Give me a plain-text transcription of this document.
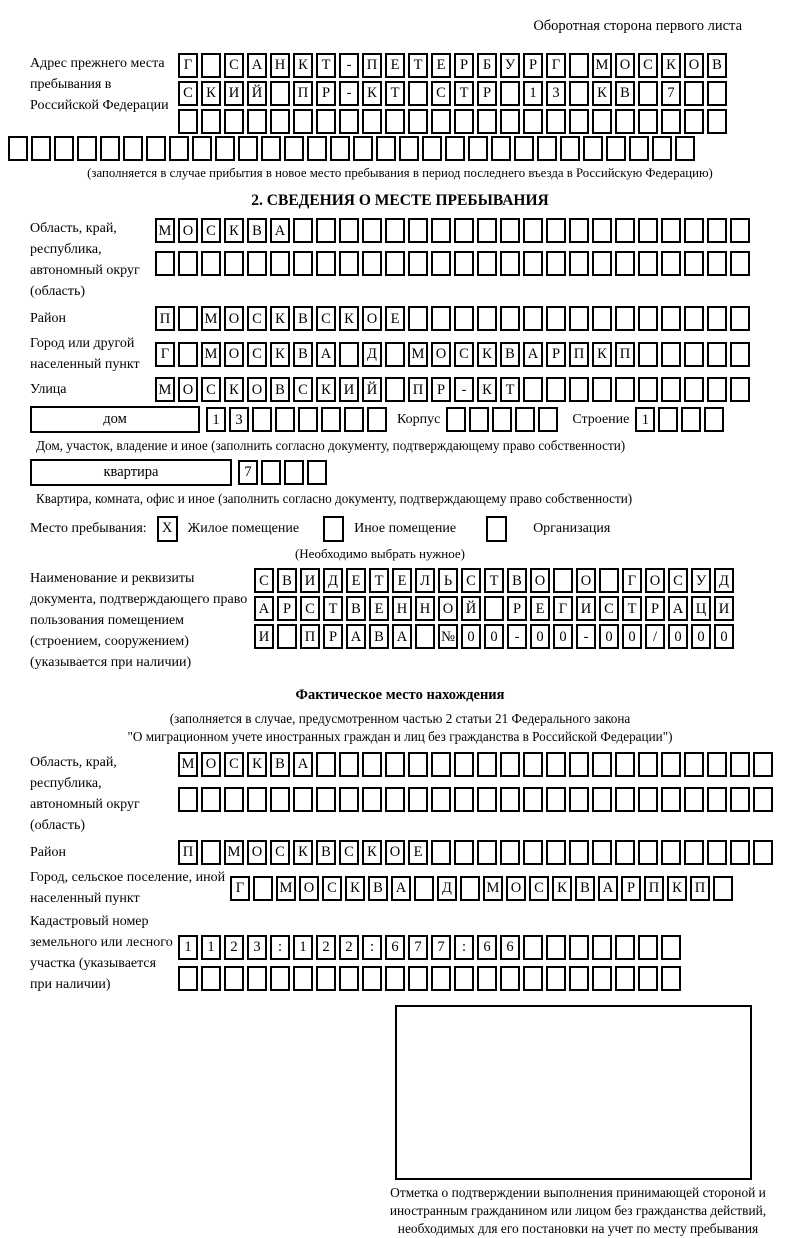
Оборотная сторона первого листа
Адрес прежнего места пребывания в Российской Федерации
Г	С А Н К Т	-	П Е Т Е	Р	Б У Р	Г	М О С К О В
С К И Й	П Р	-	К Т	С Т	Р	1	3	К В	7
(заполняется в случае прибытия в новое место пребывания в период последнего въезда в Российскую Федерацию)
2. СВЕДЕНИЯ О МЕСТЕ ПРЕБЫВАНИЯ
Область, край, республика, автономный округ (область)
М О С К В А
Район	П	М О С К В С К О Е
Город или другой населенный пункт
Г	М О С К В А	Д	М О С К В А Р П К П
Улица	М О С К О В С К И Й	П Р	-	К Т
дом	1	3	Корпус	Строение 1
Дом, участок, владение и иное (заполнить согласно документу, подтверждающему право собственности)
квартира	7
Квартира, комната, офис и иное (заполнить согласно документу, подтверждающему право собственности)
Место пребывания:	X	Жилое помещение	Иное помещение	Организация
(Необходимо выбрать нужное)
Наименование и реквизиты документа, подтверждающего право пользования помещением (строением, сооружением) (указывается при наличии)
С В И Д Е Т Е Л Ь С Т В О	О	Г О С У Д
А Р С Т В Е Н Н О Й	Р	Е Г И С Т	Р А Ц И
И	П Р А В А	№ 0	0	-	0	0	-	0	0	/	0	0	0
Фактическое место нахождения
(заполняется в случае, предусмотренном частью 2 статьи 21 Федерального закона
"О миграционном учете иностранных граждан и лиц без гражданства в Российской Федерации")
Область, край, республика, автономный округ (область)
М О С К В А
Район	П	М О С К В С К О Е
Город, сельское поселение, иной населенный пункт
Г	М О С К В А	Д	М О С К В А Р П К П
Кадастровый номер земельного или лесного участка (указывается при наличии)
1	1	2	3	:	1	2	2	:	6	7	7	:	6	6
Отметка о подтверждении выполнения принимающей стороной и иностранным гражданином или лицом без гражданства действий, необходимых для его постановки на учет по месту пребывания
